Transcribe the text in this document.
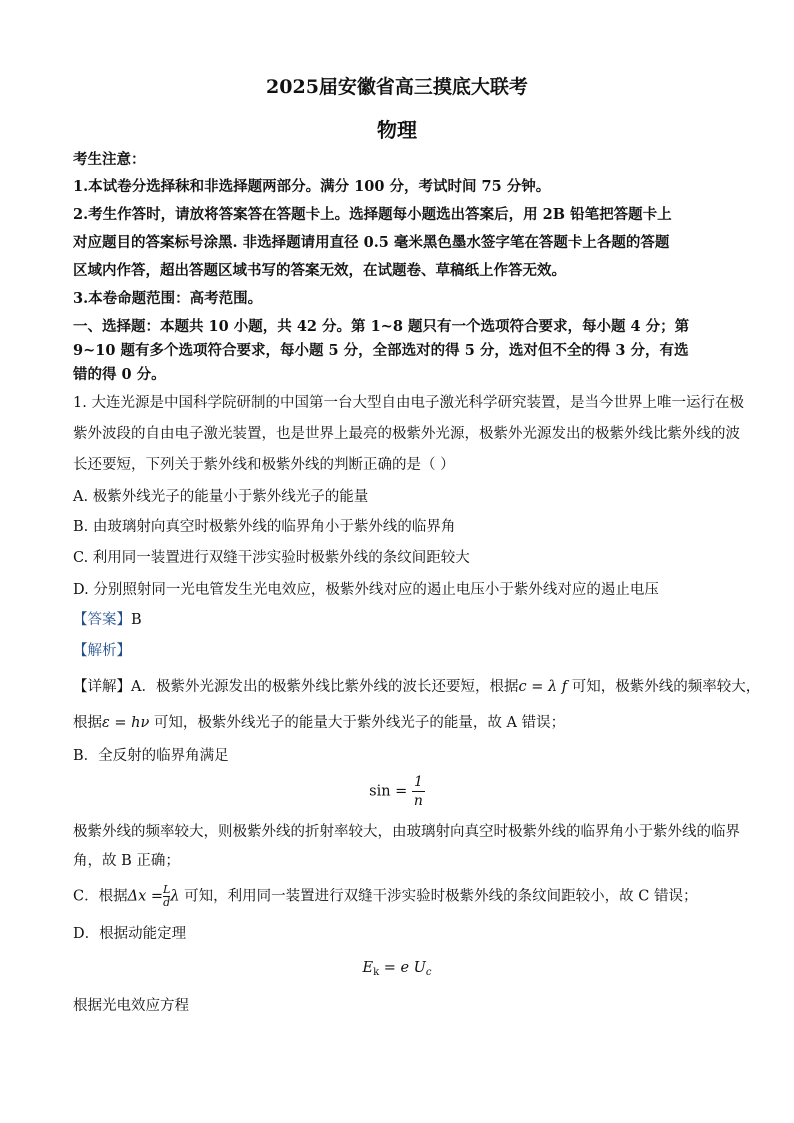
2025届安徽省高三摸底大联考
物理
考生注意：
1.本试卷分选择秣和非选择题两部分。满分 100 分，考试时间 75 分钟。
2.考生作答时，请放将答案答在答题卡上。选择题每小题选出答案后，用 2B 铅笔把答题卡上
对应题目的答案标号涂黑. 非选择题请用直径 0.5 毫米黑色墨水签字笔在答题卡上各题的答题
区域内作答，超出答题区域书写的答案无效，在试题卷、草稿纸上作答无效。
3.本卷命题范围：高考范围。
一、选择题：本题共 10 小题，共 42 分。第 1~8 题只有一个选项符合要求，每小题 4 分；第
9~10 题有多个选项符合要求，每小题 5 分，全部选对的得 5 分，选对但不全的得 3 分，有选
错的得 0 分。
1. 大连光源是中国科学院研制的中国第一台大型自由电子激光科学研究装置，是当今世界上唯一运行在极
紫外波段的自由电子激光装置，也是世界上最亮的极紫外光源，极紫外光源发出的极紫外线比紫外线的波
长还要短，下列关于紫外线和极紫外线的判断正确的是（ ）
A. 极紫外线光子的能量小于紫外线光子的能量
B. 由玻璃射向真空时极紫外线的临界角小于紫外线的临界角
C. 利用同一装置进行双缝干涉实验时极紫外线的条纹间距较大
D. 分别照射同一光电管发生光电效应，极紫外线对应的遏止电压小于紫外线对应的遏止电压
【答案】B
【解析】
【详解】A．极紫外光源发出的极紫外线比紫外线的波长还要短，根据c = λ f 可知，极紫外线的频率较大，
根据ε = hν 可知，极紫外线光子的能量大于紫外线光子的能量，故 A 错误；
B．全反射的临界角满足
$\sin = \frac{1}{n}$
极紫外线的频率较大，则极紫外线的折射率较大，由玻璃射向真空时极紫外线的临界角小于紫外线的临界
角，故 B 正确；
C．根据$\Delta x = \frac{L}{d}$ λ 可知，利用同一装置进行双缝干涉实验时极紫外线的条纹间距较小，故 C 错误；
D．根据动能定理
$E_k = e$ $U_c$
根据光电效应方程
